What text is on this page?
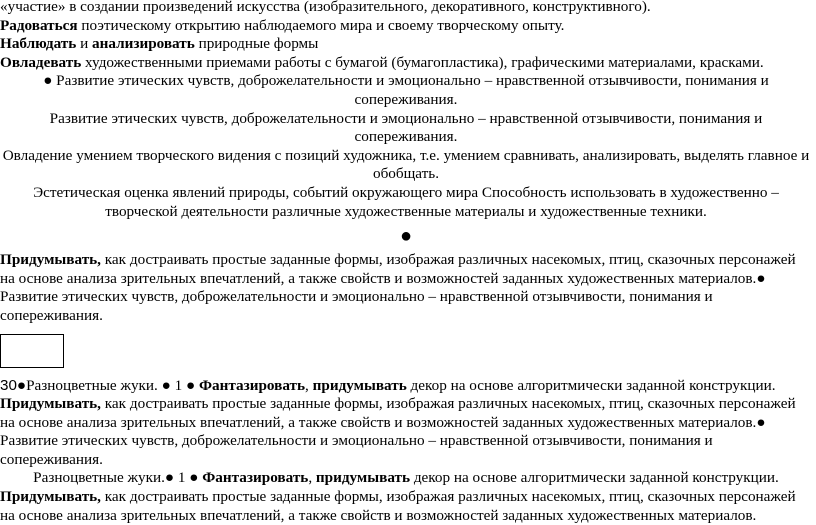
«участие» в создании произведений искусства (изобразительного, декоративного, конструктивного).

Радоваться поэтическому открытию наблюдаемого мира и своему творческому опыту.

Наблюдать и анализировать природные формы

Овладевать художественными приемами работы с бумагой (бумагопластика), графическими материалами, красками.

● Развитие этических чувств, доброжелательности и эмоционально – нравственной отзывчивости, понимания и сопереживания.

Развитие этических чувств, доброжелательности и эмоционально – нравственной отзывчивости, понимания и сопереживания.

Овладение умением творческого видения с позиций художника, т.е. умением сравнивать, анализировать, выделять главное и обобщать.

Эстетическая оценка явлений природы, событий окружающего мира Способность использовать в художественно – творческой деятельности различные художественные материалы и художественные техники.

●

Придумывать, как достраивать простые заданные формы, изображая различных насекомых, птиц, сказочных персонажей на основе анализа зрительных впечатлений, а также свойств и возможностей заданных художественных материалов.● Развитие этических чувств, доброжелательности и эмоционально – нравственной отзывчивости, понимания и сопереживания.

30●Разноцветные жуки. ● 1 ● Фантазировать, придумывать декор на основе алгоритмически заданной конструкции.

Придумывать, как достраивать простые заданные формы, изображая различных насекомых, птиц, сказочных персонажей на основе анализа зрительных впечатлений, а также свойств и возможностей заданных художественных материалов.● Развитие этических чувств, доброжелательности и эмоционально – нравственной отзывчивости, понимания и сопереживания.

Разноцветные жуки.● 1 ● Фантазировать, придумывать декор на основе алгоритмически заданной конструкции.

Придумывать, как достраивать простые заданные формы, изображая различных насекомых, птиц, сказочных персонажей на основе анализа зрительных впечатлений, а также свойств и возможностей заданных художественных материалов.
